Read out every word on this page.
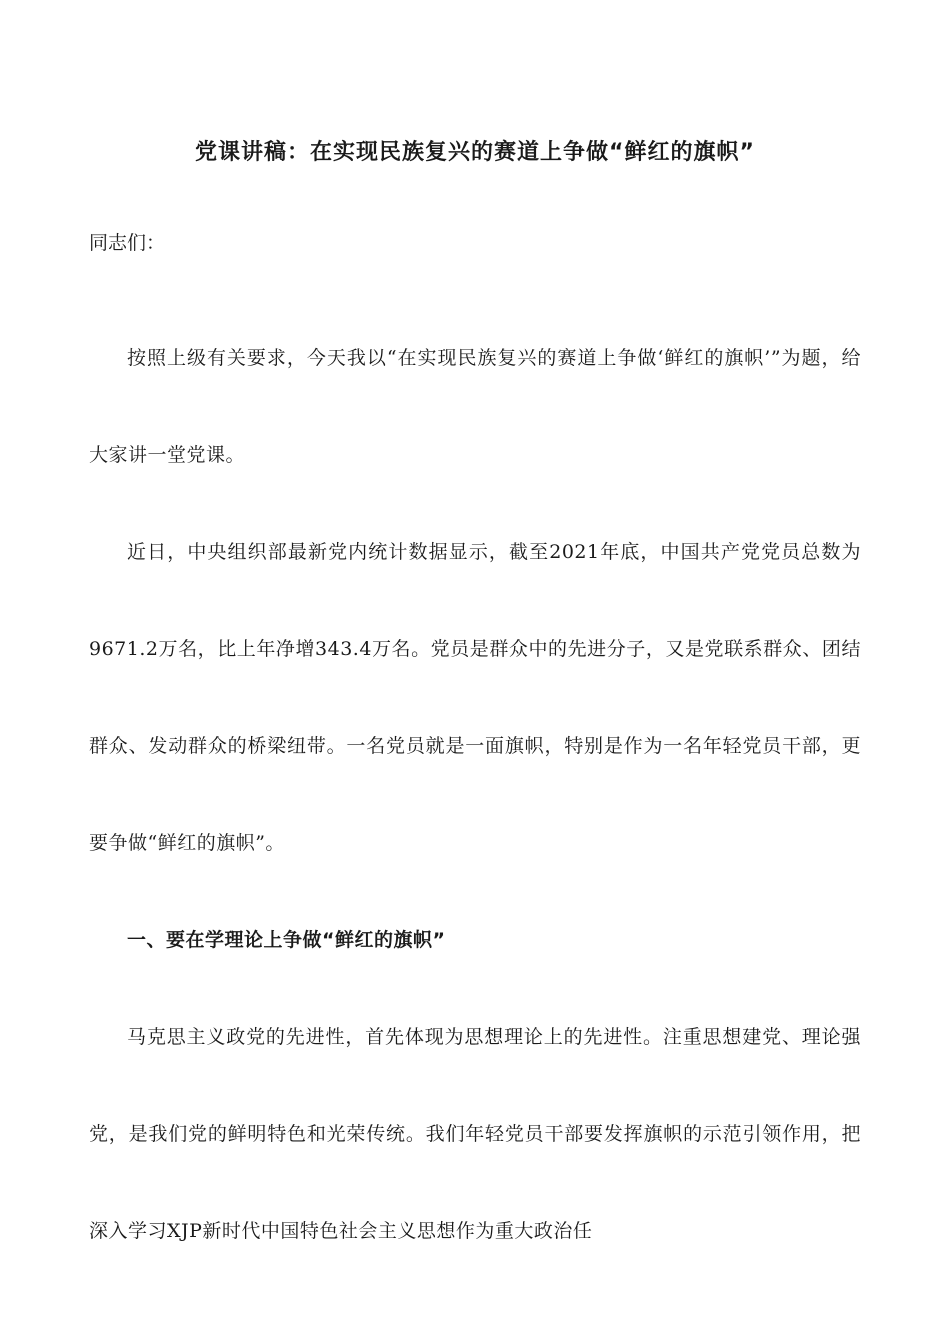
党课讲稿：在实现民族复兴的赛道上争做“鲜红的旗帜”
同志们：

按照上级有关要求，今天我以“在实现民族复兴的赛道上争做‘鲜红的旗帜’”为题，给大家讲一堂党课。

近日，中央组织部最新党内统计数据显示，截至2021年底，中国共产党党员总数为9671.2万名，比上年净增343.4万名。党员是群众中的先进分子，又是党联系群众、团结群众、发动群众的桥梁纽带。一名党员就是一面旗帜，特别是作为一名年轻党员干部，更要争做“鲜红的旗帜”。

一、要在学理论上争做“鲜红的旗帜”

马克思主义政党的先进性，首先体现为思想理论上的先进性。注重思想建党、理论强党，是我们党的鲜明特色和光荣传统。我们年轻党员干部要发挥旗帜的示范引领作用，把深入学习XJP新时代中国特色社会主义思想作为重大政治任
